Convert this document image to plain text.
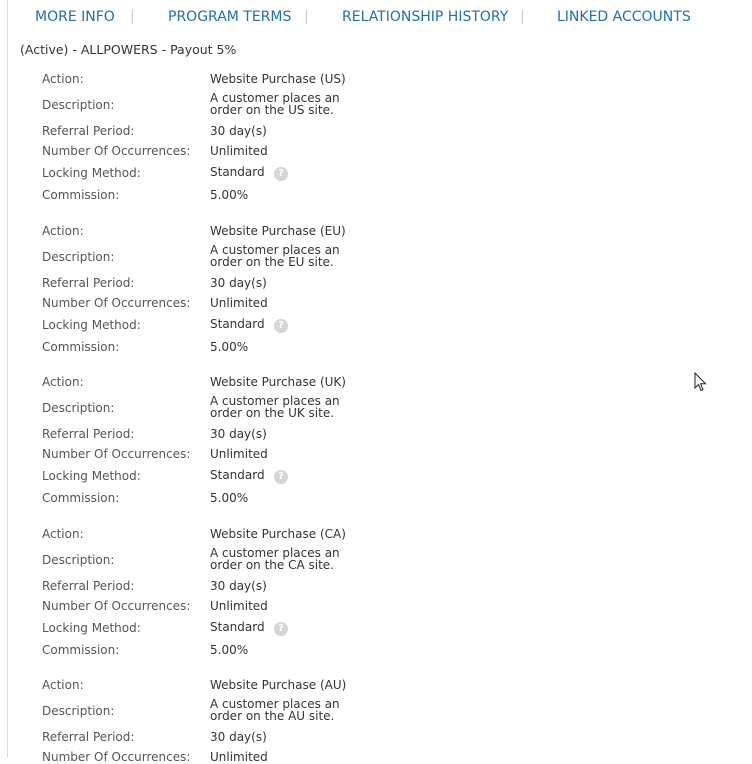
MORE INFO | PROGRAM TERMS | RELATIONSHIP HISTORY | LINKED ACCOUNTS
(Active) - ALLPOWERS - Payout 5%
Action:	Website Purchase (US)
Description:	A customer places an order on the US site.
Referral Period:	30 day(s)
Number Of Occurrences: Unlimited
Locking Method:	Standard	?
Commission:	5.00%
Action:	Website Purchase (EU)
Description:	A customer places an order on the EU site.
Referral Period:	30 day(s)
Number Of Occurrences: Unlimited
Locking Method:	Standard	?
Commission:	5.00%
Action:	Website Purchase (UK)
Description:	A customer places an order on the UK site.
Referral Period:	30 day(s)
Number Of Occurrences: Unlimited
Locking Method:	Standard	?
Commission:	5.00%
Action:	Website Purchase (CA)
Description:	A customer places an order on the CA site.
Referral Period:	30 day(s)
Number Of Occurrences: Unlimited
Locking Method:	Standard	?
Commission:	5.00%
Action:	Website Purchase (AU)
Description:	A customer places an order on the AU site.
Referral Period:	30 day(s)
Number Of Occurrences: Unlimited
